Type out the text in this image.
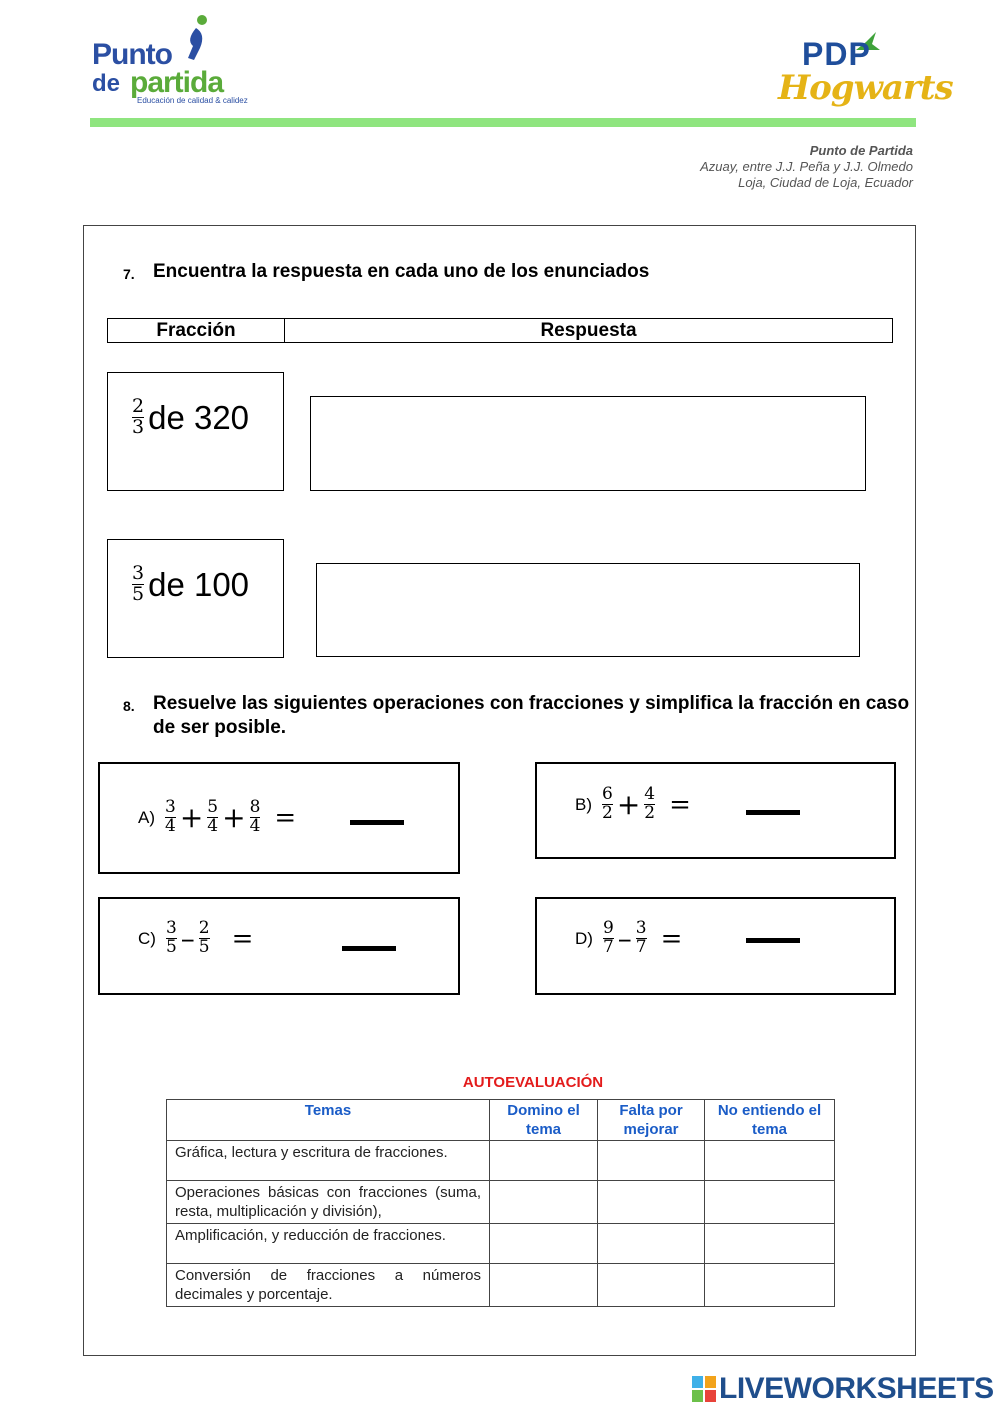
Punto
de partida
Educación de calidad & calidez
PDP
Hogwarts
Punto de Partida
Azuay, entre J.J. Peña y J.J. Olmedo
Loja, Ciudad de Loja, Ecuador
7. Encuentra la respuesta en cada uno de los enunciados
Fracción	Respuesta
$\frac{2}{3}$ de 320
$\frac{3}{5}$ de 100
8. Resuelve las siguientes operaciones con fracciones y simplifica la fracción en caso de ser posible.
$A) \frac{3}{4} + \frac{5}{4} + \frac{8}{4}$ =	$B) \frac{6}{2} + \frac{4}{2}$ =
$C) \frac{3}{5} - \frac{2}{5}$ =	$D) \frac{9}{7} - \frac{3}{7}$ =
AUTOEVALUACIÓN
Temas	Domino el tema	Falta por mejorar	No entiendo el tema
Gráfica, lectura y escritura de fracciones.			
Operaciones básicas con fracciones (suma, resta, multiplicación y división),			
Amplificación, y reducción de fracciones.			
Conversión de fracciones a números decimales y porcentaje.			
LIVEWORKSHEETS
